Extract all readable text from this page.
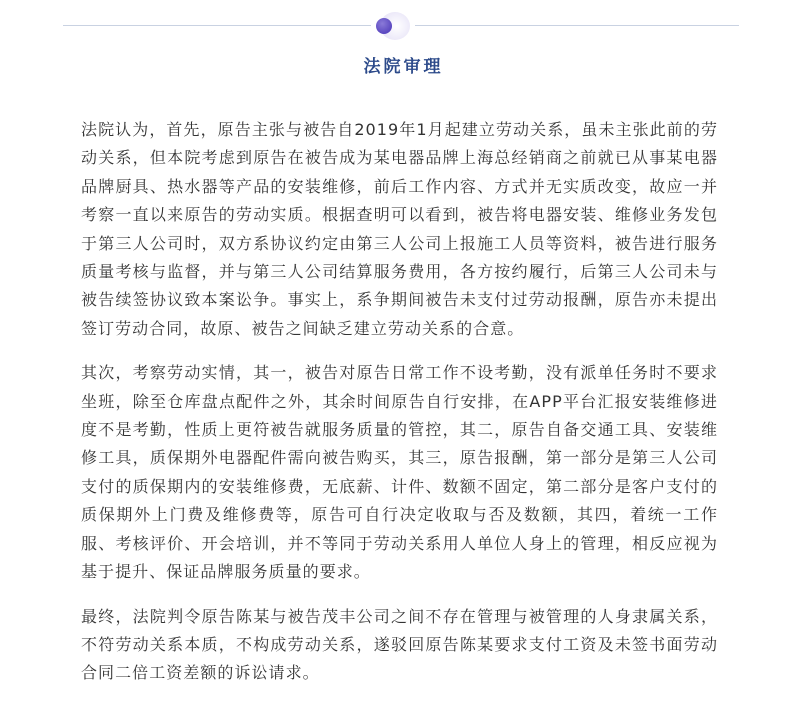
法院审理

法院认为，首先，原告主张与被告自2019年1月起建立劳动关系，虽未主张此前的劳动关系，但本院考虑到原告在被告成为某电器品牌上海总经销商之前就已从事某电器品牌厨具、热水器等产品的安装维修，前后工作内容、方式并无实质改变，故应一并考察一直以来原告的劳动实质。根据查明可以看到，被告将电器安装、维修业务发包于第三人公司时，双方系协议约定由第三人公司上报施工人员等资料，被告进行服务质量考核与监督，并与第三人公司结算服务费用，各方按约履行，后第三人公司未与被告续签协议致本案讼争。事实上，系争期间被告未支付过劳动报酬，原告亦未提出签订劳动合同，故原、被告之间缺乏建立劳动关系的合意。

其次，考察劳动实情，其一，被告对原告日常工作不设考勤，没有派单任务时不要求坐班，除至仓库盘点配件之外，其余时间原告自行安排，在APP平台汇报安装维修进度不是考勤，性质上更符被告就服务质量的管控，其二，原告自备交通工具、安装维修工具，质保期外电器配件需向被告购买，其三，原告报酬，第一部分是第三人公司支付的质保期内的安装维修费，无底薪、计件、数额不固定，第二部分是客户支付的质保期外上门费及维修费等，原告可自行决定收取与否及数额，其四，着统一工作服、考核评价、开会培训，并不等同于劳动关系用人单位人身上的管理，相反应视为基于提升、保证品牌服务质量的要求。

最终，法院判令原告陈某与被告茂丰公司之间不存在管理与被管理的人身隶属关系，不符劳动关系本质，不构成劳动关系，遂驳回原告陈某要求支付工资及未签书面劳动合同二倍工资差额的诉讼请求。
